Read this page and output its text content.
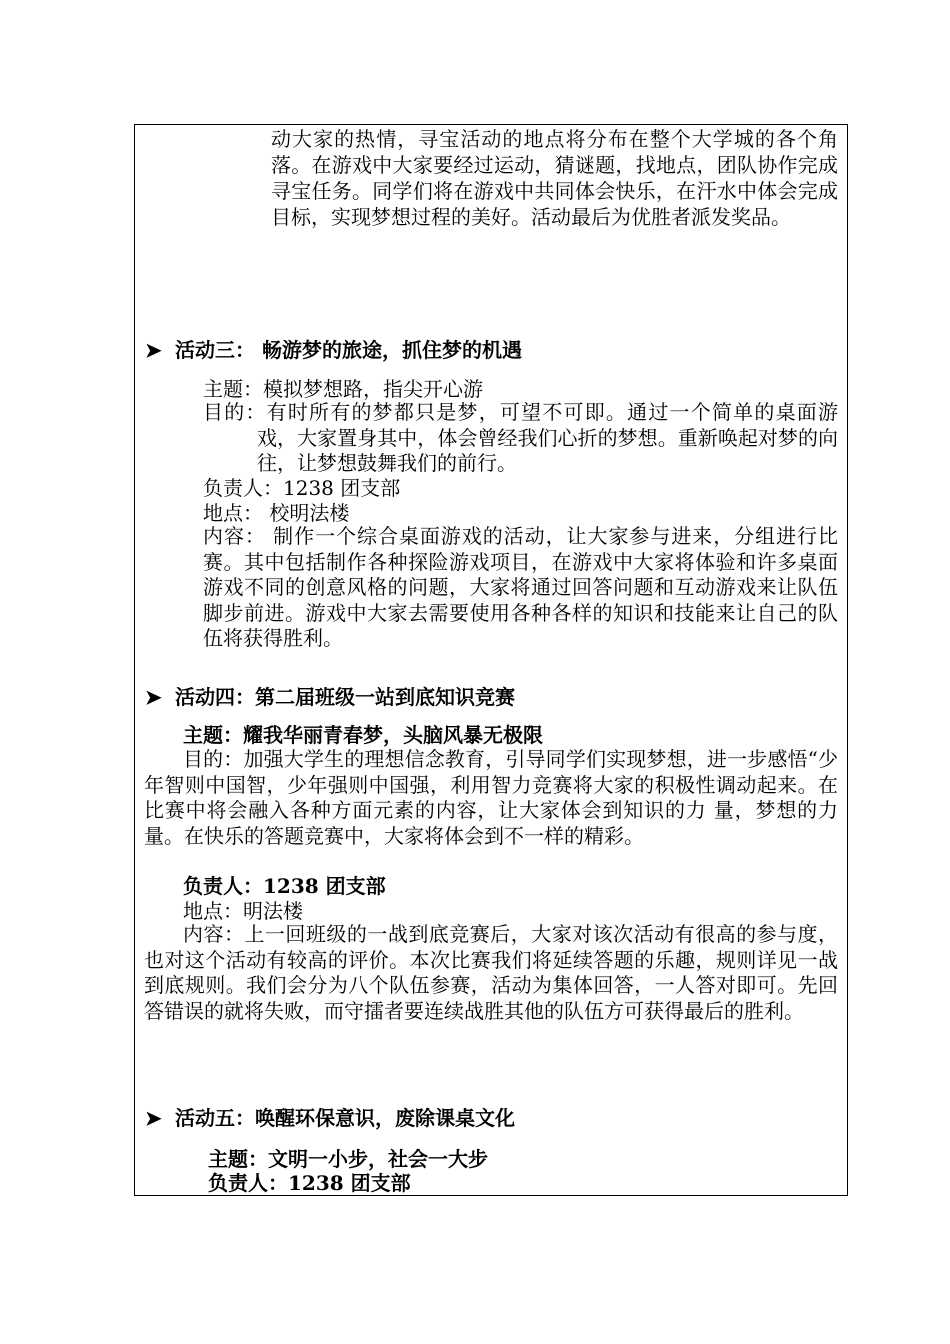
动大家的热情，寻宝活动的地点将分布在整个大学城的各个角落。在游戏中大家要经过运动，猜谜题，找地点，团队协作完成寻宝任务。同学们将在游戏中共同体会快乐，在汗水中体会完成目标，实现梦想过程的美好。活动最后为优胜者派发奖品。

➤ 活动三： 畅游梦的旅途，抓住梦的机遇
主题：模拟梦想路，指尖开心游

目的：有时所有的梦都只是梦，可望不可即。通过一个简单的桌面游戏，大家置身其中，体会曾经我们心折的梦想。重新唤起对梦的向往，让梦想鼓舞我们的前行。

负责人：1238 团支部
地点： 校明法楼

内容： 制作一个综合桌面游戏的活动，让大家参与进来，分组进行比赛。其中包括制作各种探险游戏项目，在游戏中大家将体验和许多桌面游戏不同的创意风格的问题，大家将通过回答问题和互动游戏来让队伍脚步前进。游戏中大家去需要使用各种各样的知识和技能来让自己的队伍将获得胜利。

➤ 活动四：第二届班级一站到底知识竞赛
主题：耀我华丽青春梦，头脑风暴无极限

目的：加强大学生的理想信念教育，引导同学们实现梦想，进一步感悟“少年智则中国智，少年强则中国强，利用智力竞赛将大家的积极性调动起来。在比赛中将会融入各种方面元素的内容，让大家体会到知识的力 量，梦想的力量。在快乐的答题竞赛中，大家将体会到不一样的精彩。

负责人：1238 团支部
地点：明法楼

内容：上一回班级的一战到底竞赛后，大家对该次活动有很高的参与度，也对这个活动有较高的评价。本次比赛我们将延续答题的乐趣，规则详见一战到底规则。我们会分为八个队伍参赛，活动为集体回答，一人答对即可。先回答错误的就将失败，而守擂者要连续战胜其他的队伍方可获得最后的胜利。

➤ 活动五：唤醒环保意识，废除课桌文化
主题：文明一小步，社会一大步
负责人：1238 团支部
